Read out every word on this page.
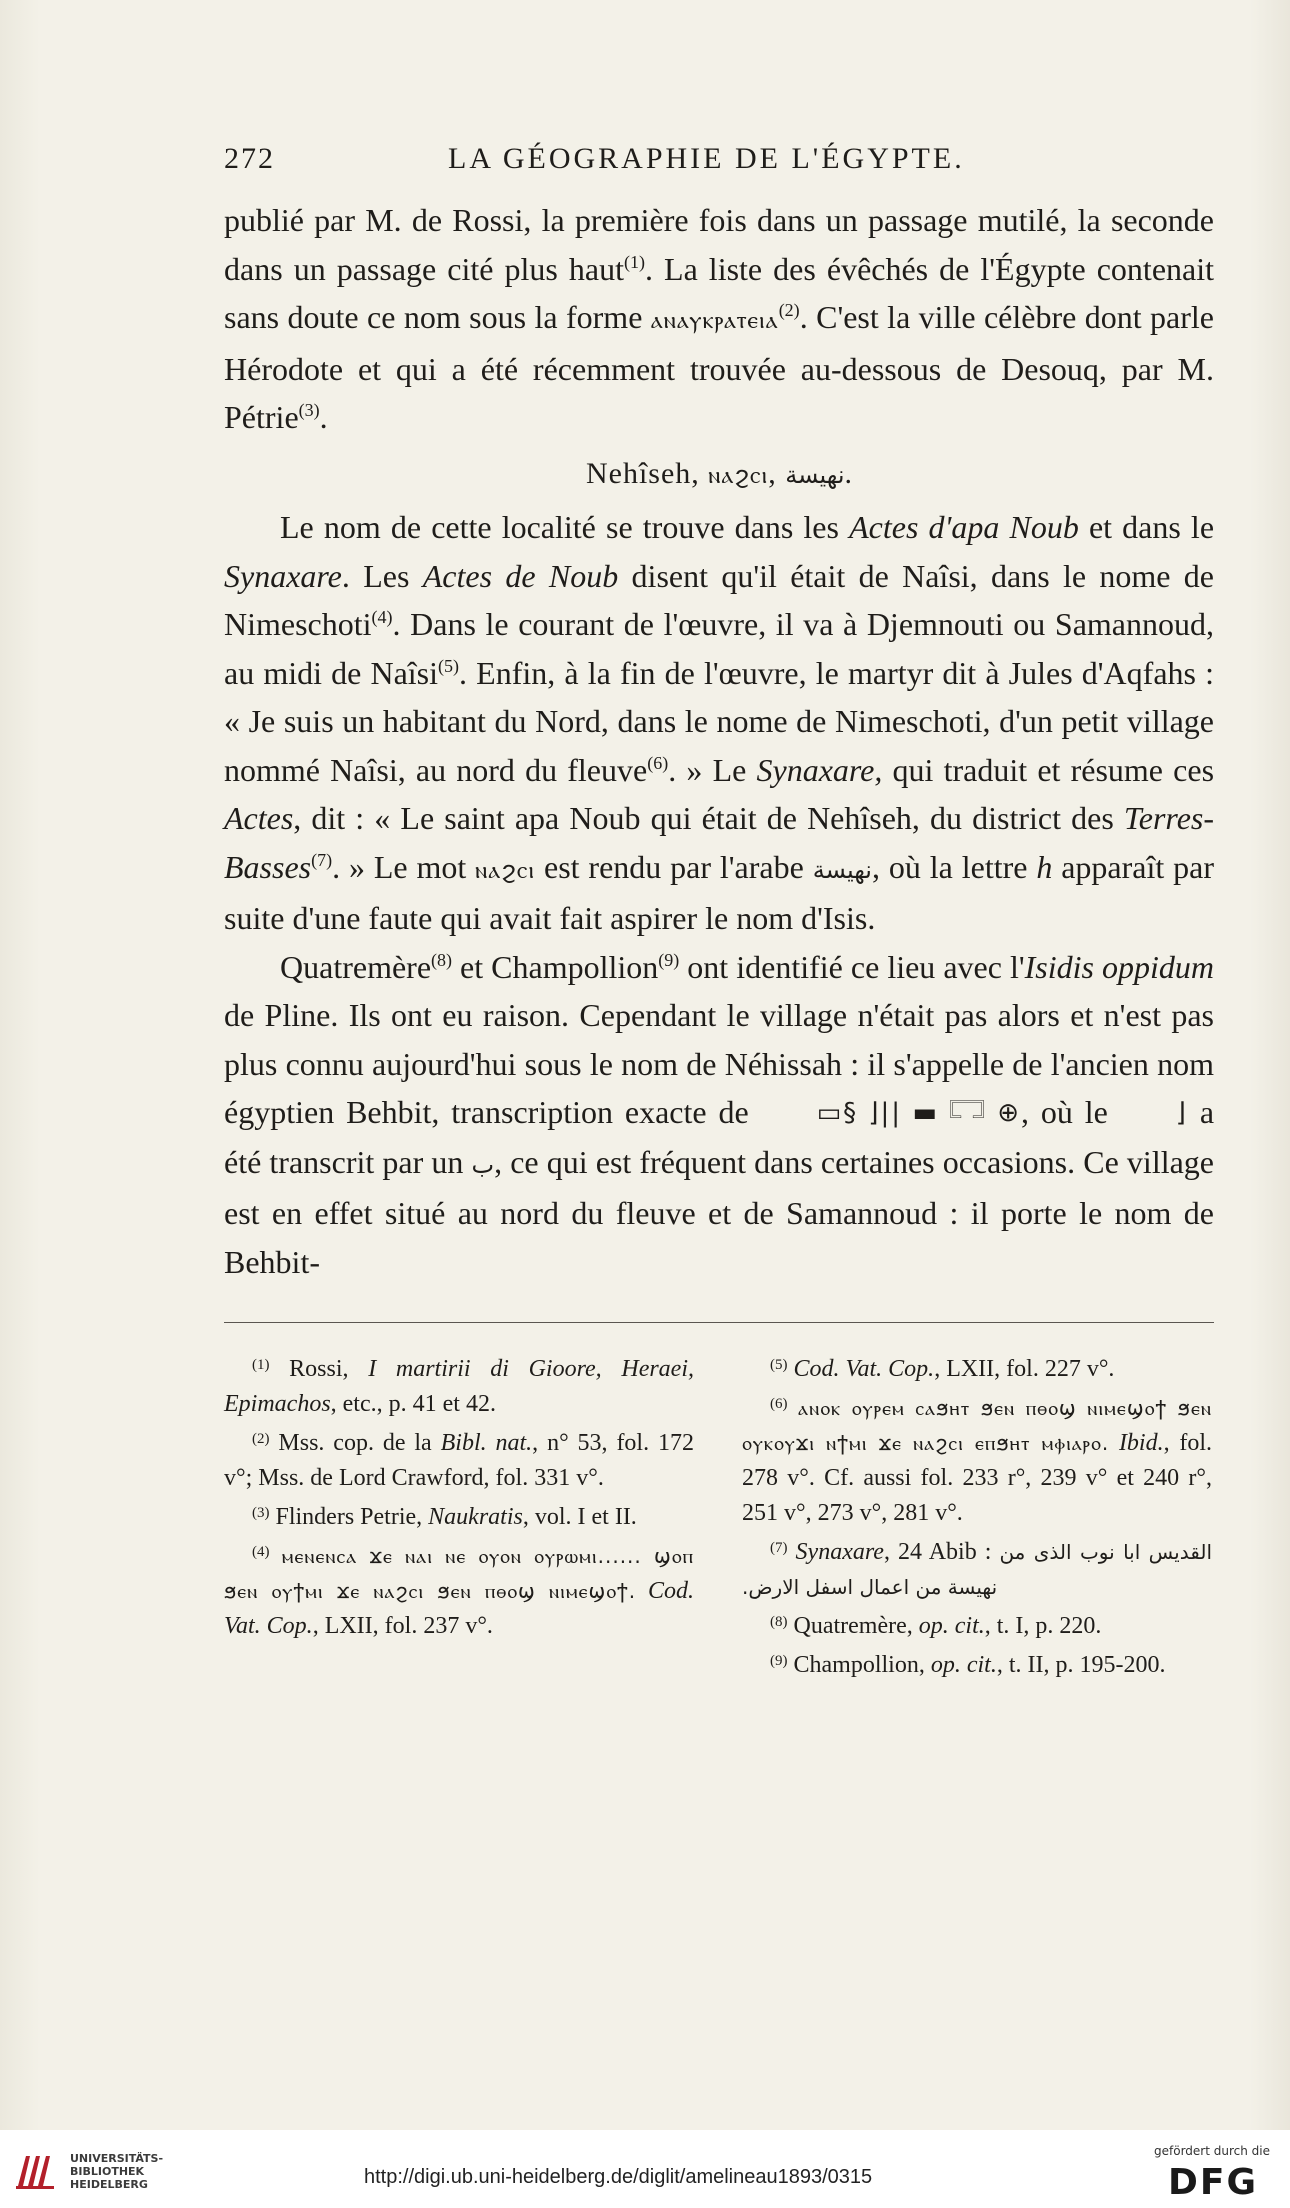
272	LA GÉOGRAPHIE DE L'ÉGYPTE.

publié par M. de Rossi, la première fois dans un passage mutilé, la seconde dans un passage cité plus haut$^{(1)}$. La liste des évêchés de l'Égypte contenait sans doute ce nom sous la forme ⲁⲛⲁⲩⲕⲣⲁⲧⲉⲓⲁ$^{(2)}$. C'est la ville célèbre dont parle Hérodote et qui a été récemment trouvée au-dessous de Desouq, par M. Pétrie$^{(3)}$.

Nehîseh, ⲛⲁϩⲥⲓ, نهيسة.

Le nom de cette localité se trouve dans les Actes d'apa Noub et dans le Synaxare. Les Actes de Noub disent qu'il était de Naîsi, dans le nome de Nimeschoti$^{(4)}$. Dans le courant de l'œuvre, il va à Djemnouti ou Samannoud, au midi de Naîsi$^{(5)}$. Enfin, à la fin de l'œuvre, le martyr dit à Jules d'Aqfahs : « Je suis un habitant du Nord, dans le nome de Nimeschoti, d'un petit village nommé Naîsi, au nord du fleuve$^{(6)}$. » Le Synaxare, qui traduit et résume ces Actes, dit : « Le saint apa Noub qui était de Nehîseh, du district des Terres-Basses$^{(7)}$. » Le mot ⲛⲁϩⲥⲓ est rendu par l'arabe نهيسة, où la lettre h apparaît par suite d'une faute qui avait fait aspirer le nom d'Isis.

Quatremère$^{(8)}$ et Champollion$^{(9)}$ ont identifié ce lieu avec l'Isidis oppidum de Pline. Ils ont eu raison. Cependant le village n'était pas alors et n'est pas plus connu aujourd'hui sous le nom de Néhissah : il s'appelle de l'ancien nom égyptien Behbit, transcription exacte de ▭§ ⌋|| ▬ 𓉐 ⊕, où le ⌋ a été transcrit par un ب, ce qui est fréquent dans certaines occasions. Ce village est en effet situé au nord du fleuve et de Samannoud : il porte le nom de Behbit-

$^{(1)}$ Rossi, I martirii di Gioore, Heraei, Epimachos, etc., p. 41 et 42.

$^{(2)}$ Mss. cop. de la Bibl. nat., n° 53, fol. 172 v°; Mss. de Lord Crawford, fol. 331 v°.

$^{(3)}$ Flinders Petrie, Naukratis, vol. I et II.

$^{(4)}$ ⲙⲉⲛⲉⲛⲥⲁ ϫⲉ ⲛⲁⲓ ⲛⲉ ⲟⲩⲟⲛ ⲟⲩⲣⲱⲙⲓ...... ϣⲟⲡ ϧⲉⲛ ⲟⲩϯⲙⲓ ϫⲉ ⲛⲁϩⲥⲓ ϧⲉⲛ ⲡⲑⲟϣ ⲛⲓⲙⲉϣⲟϯ. Cod. Vat. Cop., LXII, fol. 237 v°.

$^{(5)}$ Cod. Vat. Cop., LXII, fol. 227 v°.

$^{(6)}$ ⲁⲛⲟⲕ ⲟⲩⲣⲉⲙ ⲥⲁϧⲏⲧ ϧⲉⲛ ⲡⲑⲟϣ ⲛⲓⲙⲉϣⲟϯ ϧⲉⲛ ⲟⲩⲕⲟⲩϫⲓ ⲛϯⲙⲓ ϫⲉ ⲛⲁϩⲥⲓ ⲉⲡϧⲏⲧ ⲙⲫⲓⲁⲣⲟ. Ibid., fol. 278 v°. Cf. aussi fol. 233 r°, 239 v° et 240 r°, 251 v°, 273 v°, 281 v°.

$^{(7)}$ Synaxare, 24 Abib : القديس ابا نوب الذى من نهيسة من اعمال اسفل الارض.

$^{(8)}$ Quatremère, op. cit., t. I, p. 220.

$^{(9)}$ Champollion, op. cit., t. II, p. 195-200.

UNIVERSITÄTS-
BIBLIOTHEK
HEIDELBERG	http://digi.ub.uni-heidelberg.de/diglit/amelineau1893/0315
gefördert durch die
DFG
